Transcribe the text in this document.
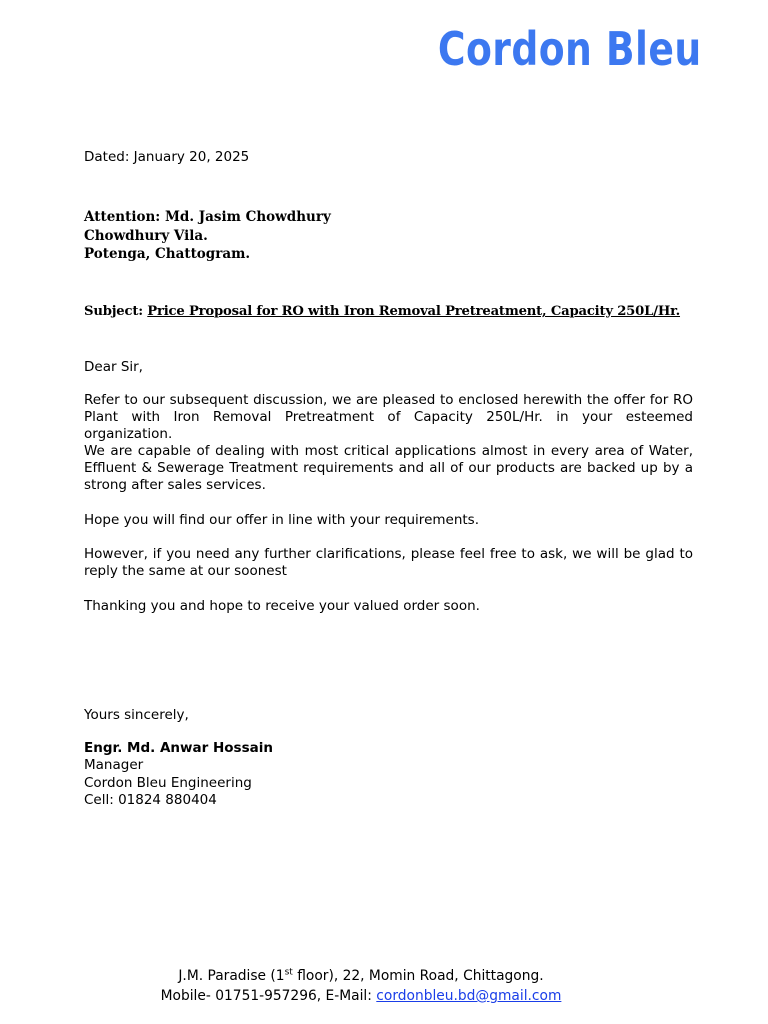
Cordon Bleu
Dated: January 20, 2025
Attention: Md. Jasim Chowdhury
Chowdhury Vila.
Potenga, Chattogram.
Subject: Price Proposal for RO with Iron Removal Pretreatment, Capacity 250L/Hr.
Dear Sir,
Refer to our subsequent discussion, we are pleased to enclosed herewith the offer for RO Plant with Iron Removal Pretreatment of Capacity 250L/Hr. in your esteemed organization.
We are capable of dealing with most critical applications almost in every area of Water, Effluent & Sewerage Treatment requirements and all of our products are backed up by a strong after sales services.
Hope you will find our offer in line with your requirements.
However, if you need any further clarifications, please feel free to ask, we will be glad to reply the same at our soonest
Thanking you and hope to receive your valued order soon.
Yours sincerely,
Engr. Md. Anwar Hossain
Manager
Cordon Bleu Engineering
Cell: 01824 880404
J.M. Paradise (1st floor), 22, Momin Road, Chittagong.
Mobile- 01751-957296, E-Mail: cordonbleu.bd@gmail.com
